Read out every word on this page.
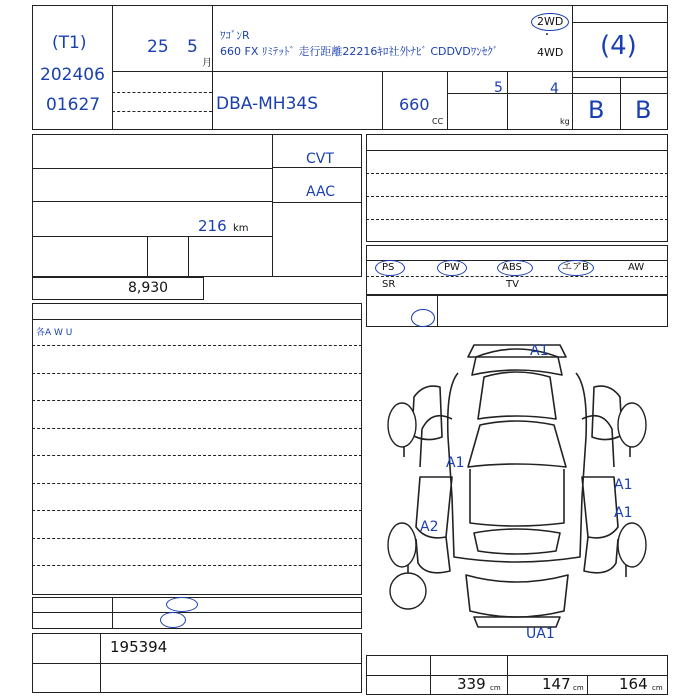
(T1)
202406
01627
25 5
月
ﾜｺﾞﾝR
660 FX ﾘﾐﾃｯﾄﾞ 走行距離22216ｷﾛ社外ﾅﾋﾞ CDDVDﾜﾝｾｸﾞ
2WD
・
4WD (4)
B B
DBA-MH34S	660
CC
5	4
kg
216 km
CVT
AAC
8,930
PS	PW	ABS	エアB	AW
SR	TV
各A W U
A1
A1
A1
A1
A2
UA1
195394
339 cm	147 cm 164 cm
